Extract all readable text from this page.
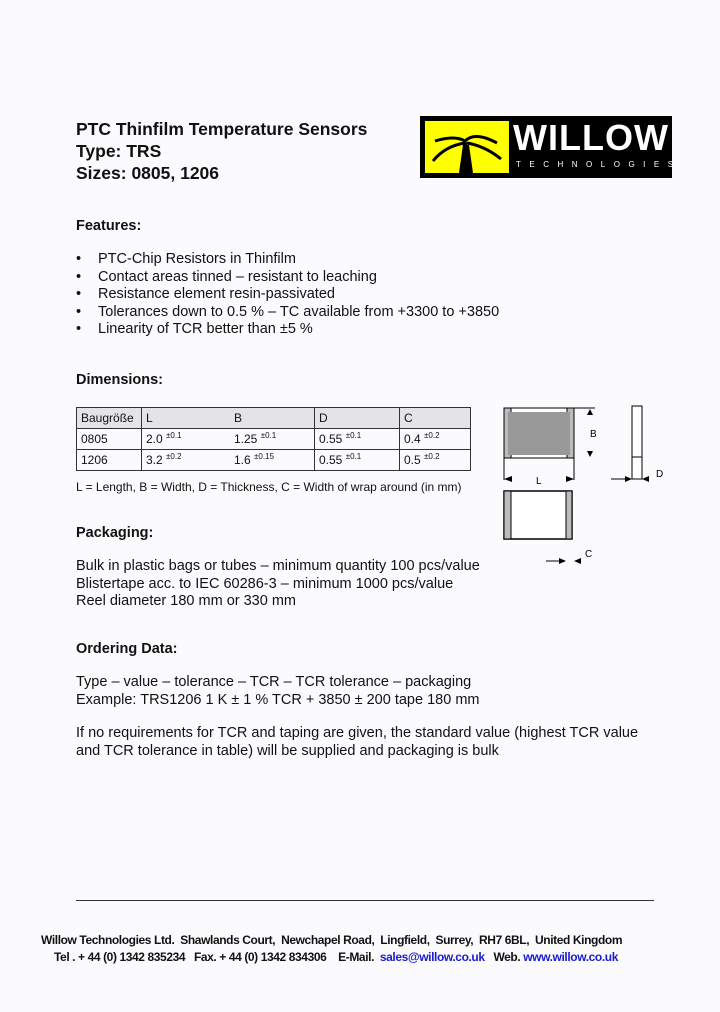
PTC Thinfilm Temperature Sensors
Type: TRS
Sizes: 0805, 1206
WILLOW
TECHNOLOGIES
Features:
• PTC-Chip Resistors in Thinfilm
• Contact areas tinned – resistant to leaching
• Resistance element resin-passivated
• Tolerances down to 0.5 % – TC available from +3300 to +3850
• Linearity of TCR better than ±5 %
Dimensions:
Baugröße	L	B	D	C
0805	2.0 $^{\pm 0.1}$	1.25 $^{\pm 0.1}$	0.55 $^{\pm 0.1}$	0.4 $^{\pm 0.2}$
1206	3.2 $^{\pm 0.2}$	1.6 $^{\pm 0.15}$	0.55 $^{\pm 0.1}$	0.5 $^{\pm 0.2}$
L = Length, B = Width, D = Thickness, C = Width of wrap around (in mm)
B
L
D
C
Packaging:
Bulk in plastic bags or tubes – minimum quantity 100 pcs/value
Blistertape acc. to IEC 60286-3 – minimum 1000 pcs/value
Reel diameter 180 mm or 330 mm
Ordering Data:
Type – value – tolerance – TCR – TCR tolerance – packaging
Example: TRS1206 1 K ± 1 % TCR + 3850 ± 200 tape 180 mm
If no requirements for TCR and taping are given, the standard value (highest TCR value
and TCR tolerance in table) will be supplied and packaging is bulk
Willow Technologies Ltd.  Shawlands Court,  Newchapel Road,  Lingfield,  Surrey,  RH7 6BL,  United Kingdom
Tel . + 44 (0) 1342 835234   Fax. + 44 (0) 1342 834306    E-Mail. sales@willow.co.uk Web. www.willow.co.uk
